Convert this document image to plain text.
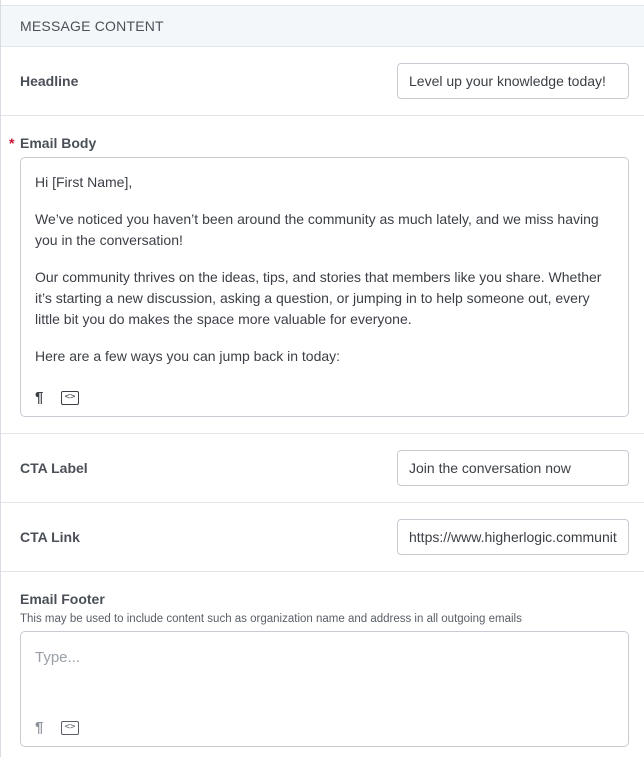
MESSAGE CONTENT
Headline
Level up your knowledge today!
* Email Body

Hi [First Name],

We’ve noticed you haven’t been around the community as much lately, and we miss having you in the conversation!

Our community thrives on the ideas, tips, and stories that members like you share. Whether it’s starting a new discussion, asking a question, or jumping in to help someone out, every little bit you do makes the space more valuable for everyone.

Here are a few ways you can jump back in today:

¶	<>
CTA Label
Join the conversation now
CTA Link
https://www.higherlogic.community/
Email Footer
This may be used to include content such as organization name and address in all outgoing emails
Type...
¶	<>
